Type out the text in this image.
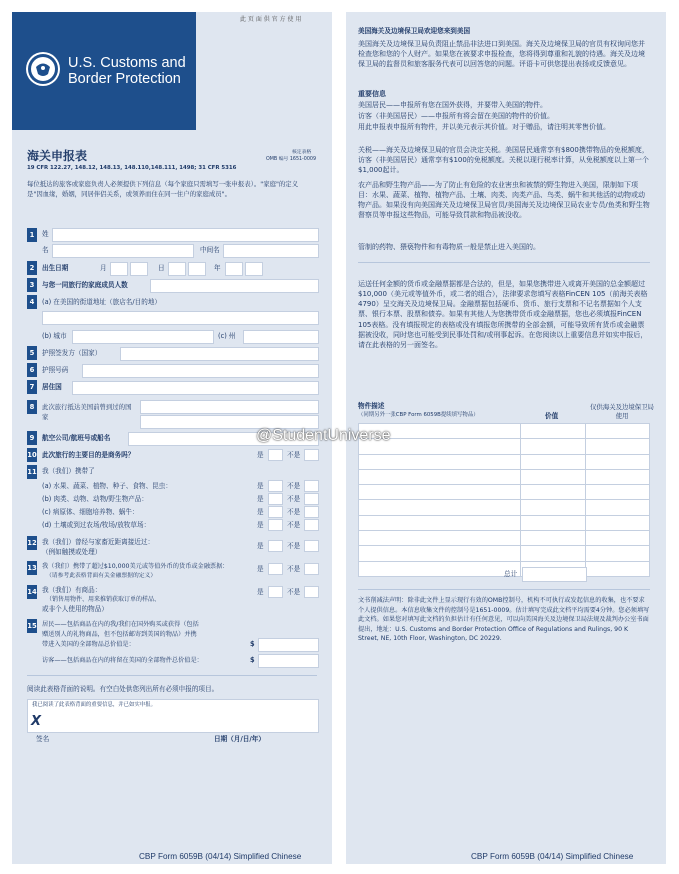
此 页 面 供 官 方 使 用
U.S. Customs and
Border Protection
海关申报表	核定表格
OMB 编号 1651-0009
19 CFR 122.27, 148.12, 148.13, 148.110,148.111, 1498; 31 CFR 5316
每位抵达的旅客或家庭负责人必须提供下列信息（每个家庭只需填写一张申报表）。"家庭"的定义是"因血缘，婚姻，同居伴侣关系，或领养而住在同一住户的家庭成员"。
1	姓
名	中间名
2	出生日期	月	日	年
3	与您一同旅行的家庭成员人数
4	(a) 在美国的街道地址（旅店名/目的地）
(b) 城市	(c) 州
5	护照签发方（国家）
6	护照号码
7	居住国
8	此次旅行抵达美国前曾到过的国家
9	航空公司/航班号或船名
10 此次旅行的主要目的是商务吗？	是	不是
11 我（我们）携带了
(a) 水果、蔬菜、植物、种子、食物、昆虫：	是	不是
(b) 肉类、动物、动物/野生物产品：	是	不是
(c) 病原体、细胞培养物、蜗牛：	是	不是
(d) 土壤或到过农场/牧场/放牧草场：	是	不是
12 我（我们）曾经与家畜近距离接近过：
（例如触摸或处理）
是	不是
13 我（我们）携带了超过$10,000美元或等值外币的货币或金融票据：
（请参考此表格背面有关金融票据的定义）
是	不是
14 我（我们）有商品：
（销售用物件、用来推销获取订单的样品、
或非个人使用的物品）
是	不是
15 居民——包括商品在内的我/我们在国外购买或获得（包括
赠送别人的礼物商品，但不包括邮寄到美国的物品）并携
带进入美国的全部物品总价值是：	$
访客——包括商品在内的将留在美国的全部物件总价值是：	$
阅读此表格背面的说明。有空白处供您列出所有必须申报的项目。
我已阅读了此表格背面的重要信息，并已如实申报。
X
签名	日期（月/日/年）
CBP Form 6059B (04/14) Simplified Chinese
美国海关及边境保卫局欢迎您来到美国
美国海关及边境保卫局负责阻止禁品非法进口到美国。海关及边境保卫局的官员有权询问您并检查您和您的个人财产。如果您在被要求申报检查，您将得到尊重和礼貌的待遇。海关及边境保卫局的监督员和旅客服务代表可以回答您的问题。评语卡可供您提出表扬或反馈意见。
重要信息
美国居民——申报所有您在国外获得，并要带入美国的物件。
访客（非美国居民）——申报所有将会留在美国的物件的价值。
用此申报表申报所有物件，并以美元表示其价值。对于赠品，请注明其零售价值。
关税——海关及边境保卫局的官员会决定关税。美国居民通常享有$800携带物品的免税额度，访客（非美国居民）通常享有$100的免税额度。关税以现行税率计算，从免税额度以上第一个$1,000起计。
农产品和野生物产品——为了防止有危险的农业害虫和被禁的野生物进入美国，限制如下项目：水果、蔬菜、植物、植物产品、土壤、肉类、肉类产品、鸟类、蜗牛和其他活的动物或动物产品。如果没有向美国海关及边境保卫局官员/美国海关及边境保卫局农业专员/鱼类和野生物督察员等申报这些物品，可能导致罚款和物品被没收。
管制的药物、猥亵物件和有毒物质一般是禁止进入美国的。
运送任何金额的货币或金融票据都是合法的，但是，如果您携带进入或离开美国的总金额超过$10,000（美元或等值外币，或二者的组合），法律要求您填写表格FinCEN 105（前海关表格4790）呈交海关及边境保卫局。金融票据包括硬币、货币、旅行支票和不记名票据如个人支票、银行本票、股票和债券。如果有其他人为您携带货币或金融票据，您也必须填报FinCEN 105表格。没有填报规定的表格或没有填报您所携带的全部金额，可能导致所有货币或金融票据被没收，同时您也可能受到民事处罚和/或刑事起诉。在您阅读以上重要信息并如实申报后，请在此表格的另一面签名。
物件描述
（同期另外一张CBP Form 6059B提续填写物品）	价值
仅供海关及边境保卫局使用

总计
文书削减法声明：除非此文件上显示现行有效的OMB控制号，机构不可执行或发起信息的收集，也不要求个人提供信息。本信息收集文件的控制号是1651-0009。估计填写完成此文档平均需要4分钟。您必须填写此文档。如果您对填写此文档的负担估计有任何意见，可以向美国海关及边境保卫局法规及裁判办公室书面提出，地址：U.S. Customs and Border Protection Office of Regulations and Rulings, 90 K Street, NE, 10th Floor, Washington, DC 20229.
CBP Form 6059B (04/14) Simplified Chinese
@StudentUniverse
